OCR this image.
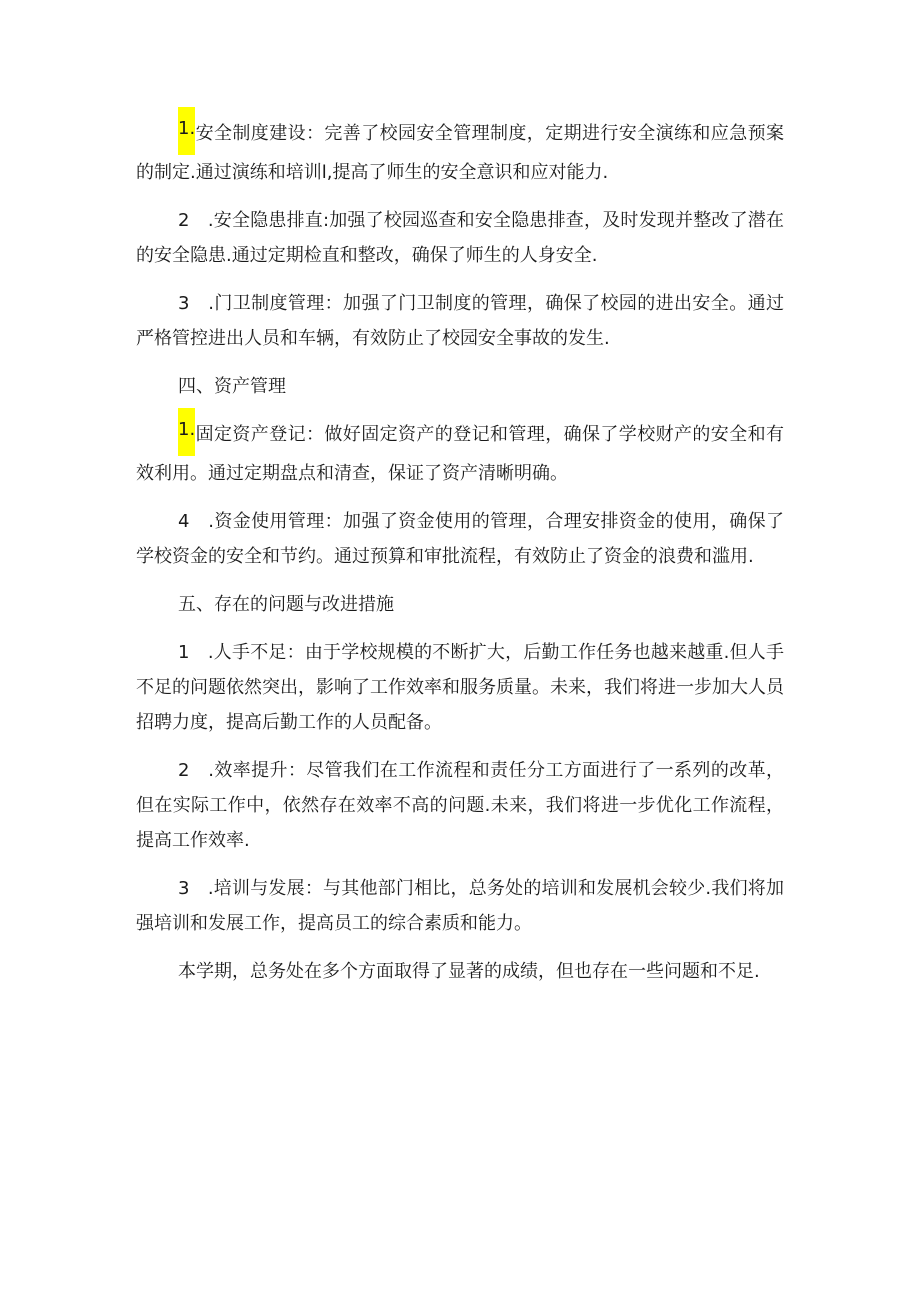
1.安全制度建设：完善了校园安全管理制度，定期进行安全演练和应急预案的制定.通过演练和培训l,提高了师生的安全意识和应对能力.

2　.安全隐患排直:加强了校园巡查和安全隐患排查，及时发现并整改了潜在的安全隐患.通过定期检直和整改，确保了师生的人身安全.

3　.门卫制度管理：加强了门卫制度的管理，确保了校园的进出安全。通过严格管控进出人员和车辆，有效防止了校园安全事故的发生.

四、资产管理

1.固定资产登记：做好固定资产的登记和管理，确保了学校财产的安全和有效利用。通过定期盘点和清查，保证了资产清晰明确。

4　.资金使用管理：加强了资金使用的管理，合理安排资金的使用，确保了学校资金的安全和节约。通过预算和审批流程，有效防止了资金的浪费和滥用.

五、存在的问题与改进措施

1　.人手不足：由于学校规模的不断扩大，后勤工作任务也越来越重.但人手不足的问题依然突出，影响了工作效率和服务质量。未来，我们将进一步加大人员招聘力度，提高后勤工作的人员配备。

2　.效率提升：尽管我们在工作流程和责任分工方面进行了一系列的改革，但在实际工作中，依然存在效率不高的问题.未来，我们将进一步优化工作流程，提高工作效率.

3　.培训与发展：与其他部门相比，总务处的培训和发展机会较少.我们将加强培训和发展工作，提高员工的综合素质和能力。

本学期，总务处在多个方面取得了显著的成绩，但也存在一些问题和不足.
